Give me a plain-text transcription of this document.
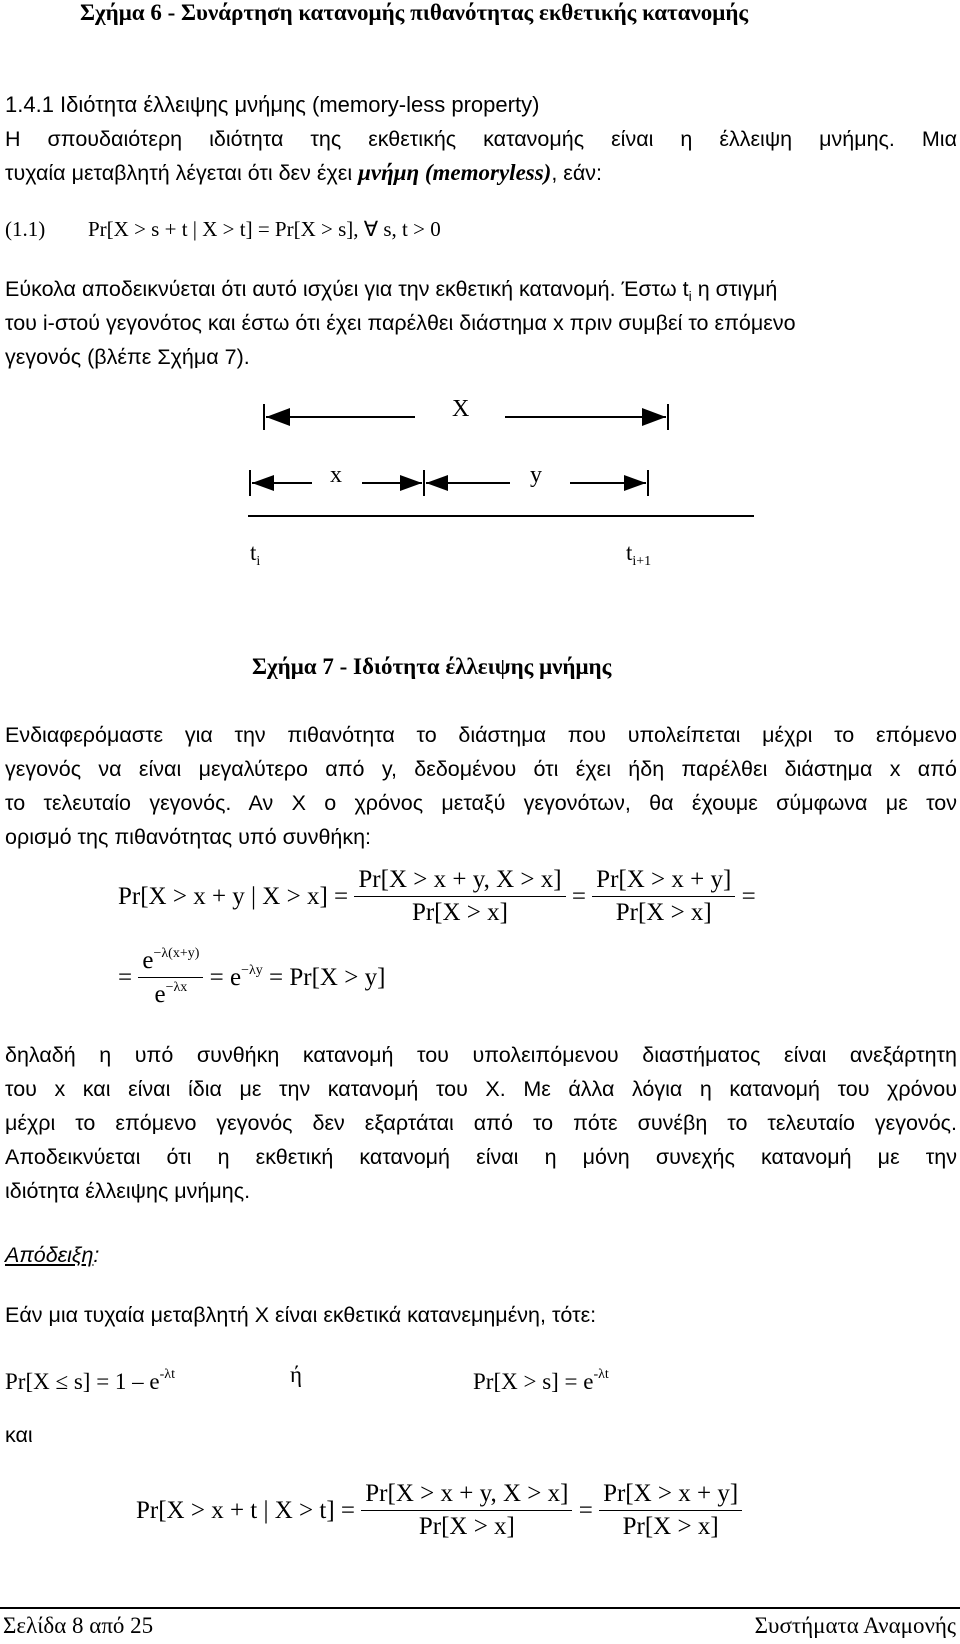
Σχήμα 6 - Συνάρτηση κατανομής πιθανότητας εκθετικής κατανομής
1.4.1 Ιδιότητα έλλειψης μνήμης (memory-less property)
Η σπουδαιότερη ιδιότητα της εκθετικής κατανομής είναι η έλλειψη μνήμης. Μια
τυχαία μεταβλητή λέγεται ότι δεν έχει μνήμη (memoryless), εάν:
(1.1) Pr[X > s + t | X > t] = Pr[X > s], ∀ s, t > 0
Εύκολα αποδεικνύεται ότι αυτό ισχύει για την εκθετική κατανομή. Έστω $t_i$ η στιγμή
του i-στού γεγονότος και έστω ότι έχει παρέλθει διάστημα x πριν συμβεί το επόμενο
γεγονός (βλέπε Σχήμα 7).
X
x	y
$t_i$	$t_{i+1}$
Σχήμα 7 - Ιδιότητα έλλειψης μνήμης
Ενδιαφερόμαστε για την πιθανότητα το διάστημα που υπολείπεται μέχρι το επόμενο
γεγονός να είναι μεγαλύτερο από y, δεδομένου ότι έχει ήδη παρέλθει διάστημα x από
το τελευταίο γεγονός. Αν X ο χρόνος μεταξύ γεγονότων, θα έχουμε σύμφωνα με τον
ορισμό της πιθανότητας υπό συνθήκη:
Pr[X > x + y | $X > x] = \frac{Pr[X > x + y, X > x]}{Pr[X > x]} = \frac{Pr[X > x + y]}{Pr[X > x]}$ =
= $\frac{e^{-\lambda(x+y)}}{e^{-\lambda x}} = e^{-\lambda y} = Pr[X > y]$
δηλαδή η υπό συνθήκη κατανομή του υπολειπόμενου διαστήματος είναι ανεξάρτητη
του x και είναι ίδια με την κατανομή του X. Με άλλα λόγια η κατανομή του χρόνου
μέχρι το επόμενο γεγονός δεν εξαρτάται από το πότε συνέβη το τελευταίο γεγονός.
Αποδεικνύεται ότι η εκθετική κατανομή είναι η μόνη συνεχής κατανομή με την
ιδιότητα έλλειψης μνήμης.
Απόδειξη:
Εάν μια τυχαία μεταβλητή X είναι εκθετικά κατανεμημένη, τότε:
$Pr[X \le s] = 1 - e^{-\lambda t}$	ή	$Pr[X > s] = e^{-\lambda t}$
και
Pr[X > x + t | $X > t] = \frac{Pr[X > x + y, X > x]}{Pr[X > x]} = \frac{Pr[X > x + y]}{Pr[X > x]}$
Σελίδα 8 από 25	Συστήματα Αναμονής
